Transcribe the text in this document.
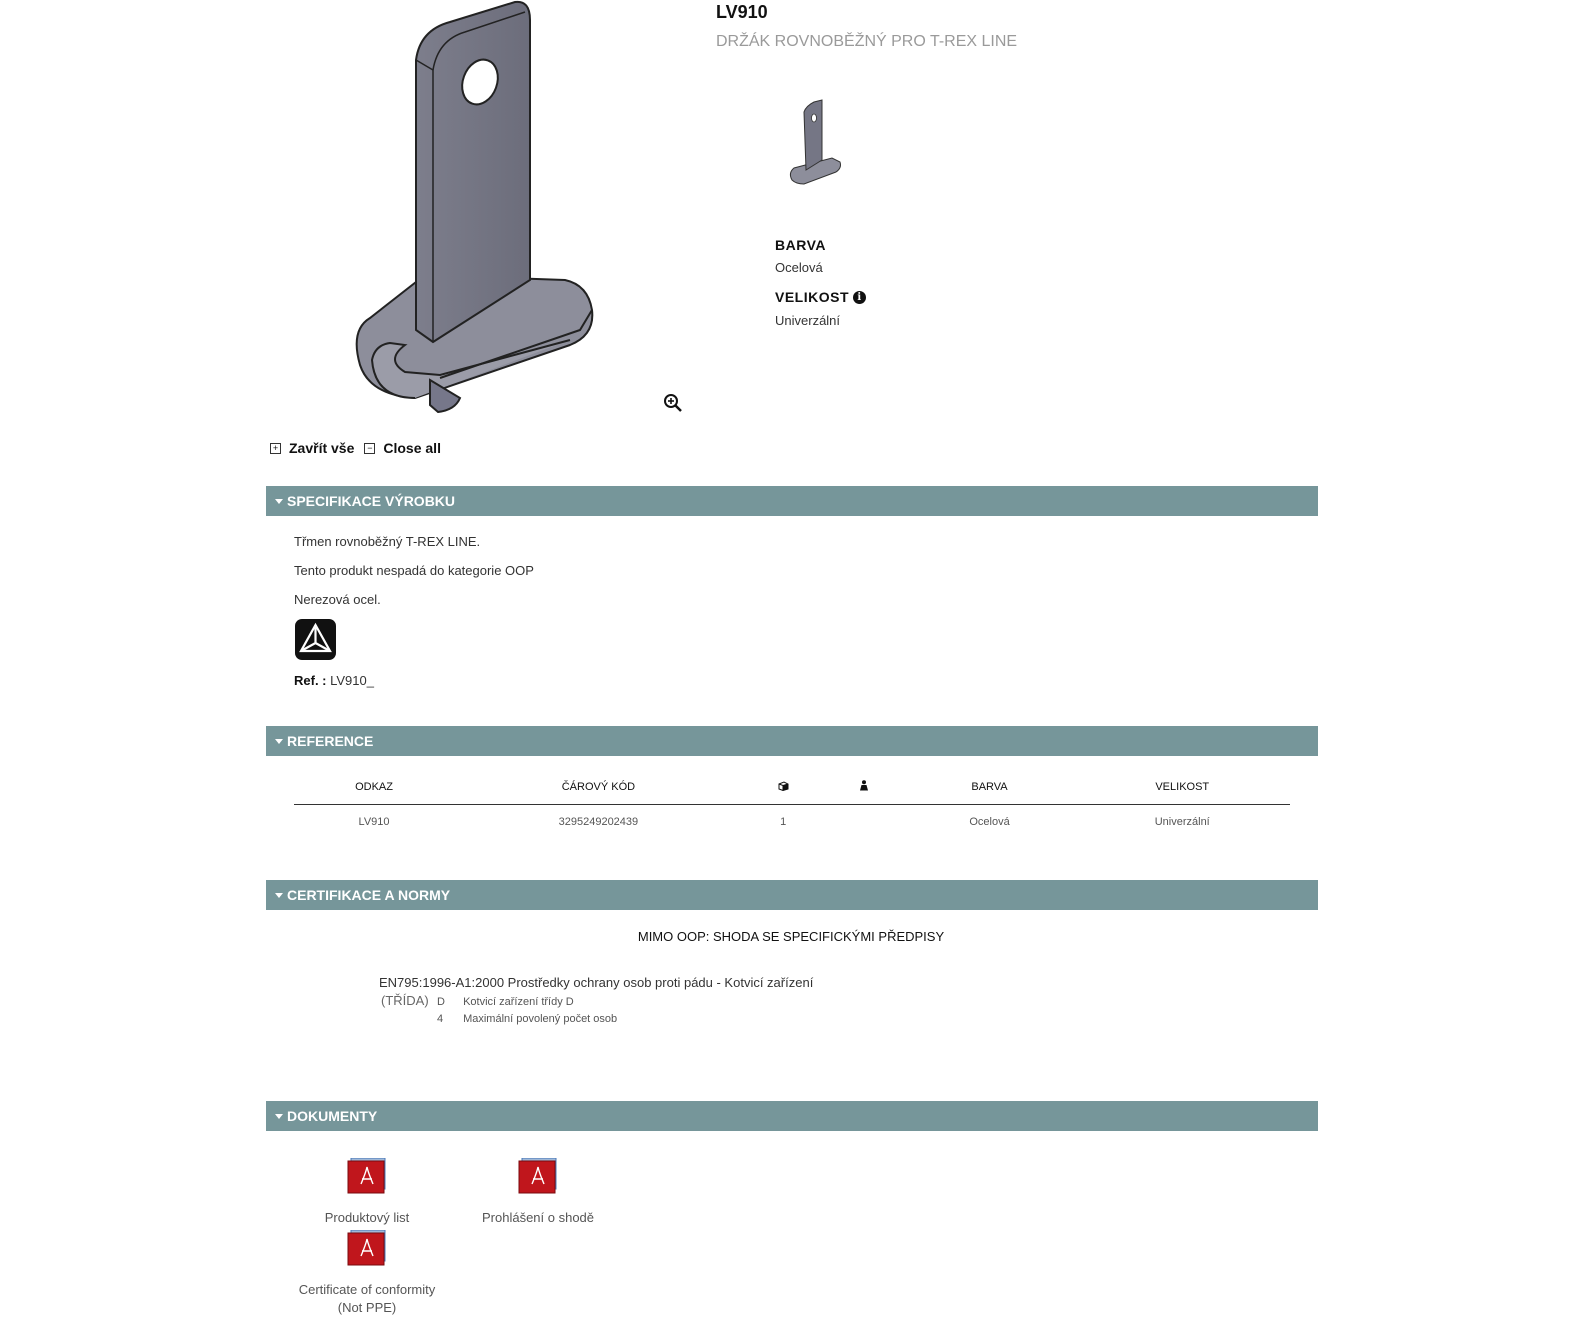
LV910
DRŽÁK ROVNOBĚŽNÝ PRO T-REX LINE
BARVA
Ocelová
VELIKOST i
Univerzální
+ Zavřít vše	− Close all
SPECIFIKACE VÝROBKU
Třmen rovnoběžný T-REX LINE.
Tento produkt nespadá do kategorie OOP
Nerezová ocel.
Ref. : LV910_
REFERENCE
ODKAZ	ČÁROVÝ KÓD			BARVA	VELIKOST
LV910	3295249202439	1		Ocelová	Univerzální
CERTIFIKACE A NORMY
MIMO OOP: SHODA SE SPECIFICKÝMI PŘEDPISY
EN795:1996-A1:2000 Prostředky ochrany osob proti pádu - Kotvicí zařízení
(TŘÍDA) D Kotvicí zařízení třídy D
4 Maximální povolený počet osob
DOKUMENTY
Produktový list	Prohlášení o shodě
Certificate of conformity
(Not PPE)
